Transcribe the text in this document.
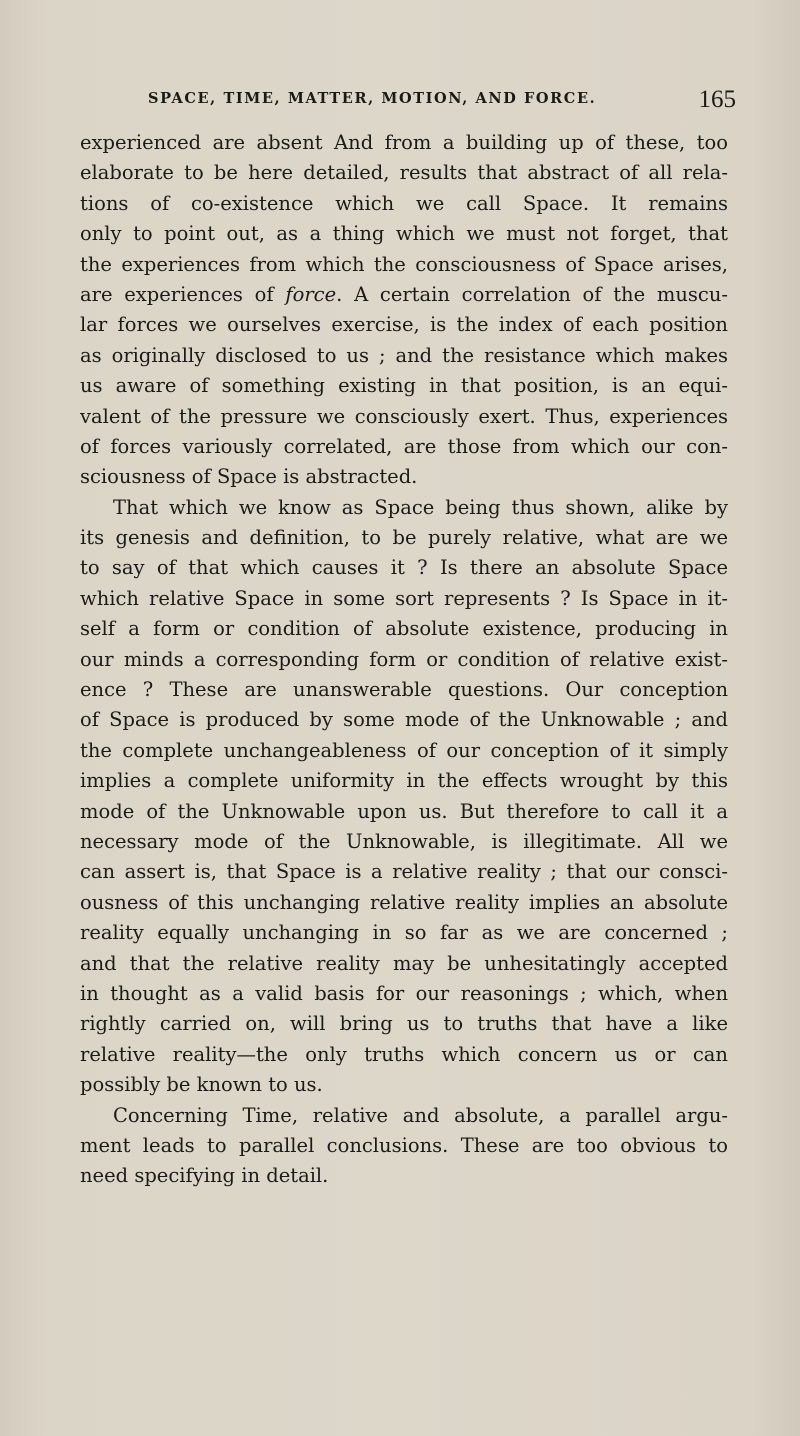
SPACE, TIME, MATTER, MOTION, AND FORCE.	165
experienced are absent And from a building up of these, too
elaborate to be here detailed, results that abstract of all rela-
tions of co-existence which we call Space. It remains
only to point out, as a thing which we must not forget, that
the experiences from which the consciousness of Space arises,
are experiences of force. A certain correlation of the muscu-
lar forces we ourselves exercise, is the index of each position
as originally disclosed to us ; and the resistance which makes
us aware of something existing in that position, is an equi-
valent of the pressure we consciously exert. Thus, experiences
of forces variously correlated, are those from which our con-
sciousness of Space is abstracted.
That which we know as Space being thus shown, alike by
its genesis and definition, to be purely relative, what are we
to say of that which causes it ? Is there an absolute Space
which relative Space in some sort represents ? Is Space in it-
self a form or condition of absolute existence, producing in
our minds a corresponding form or condition of relative exist-
ence ? These are unanswerable questions. Our conception
of Space is produced by some mode of the Unknowable ; and
the complete unchangeableness of our conception of it simply
implies a complete uniformity in the effects wrought by this
mode of the Unknowable upon us. But therefore to call it a
necessary mode of the Unknowable, is illegitimate. All we
can assert is, that Space is a relative reality ; that our consci-
ousness of this unchanging relative reality implies an absolute
reality equally unchanging in so far as we are concerned ;
and that the relative reality may be unhesitatingly accepted
in thought as a valid basis for our reasonings ; which, when
rightly carried on, will bring us to truths that have a like
relative reality—the only truths which concern us or can
possibly be known to us.
Concerning Time, relative and absolute, a parallel argu-
ment leads to parallel conclusions. These are too obvious to
need specifying in detail.
